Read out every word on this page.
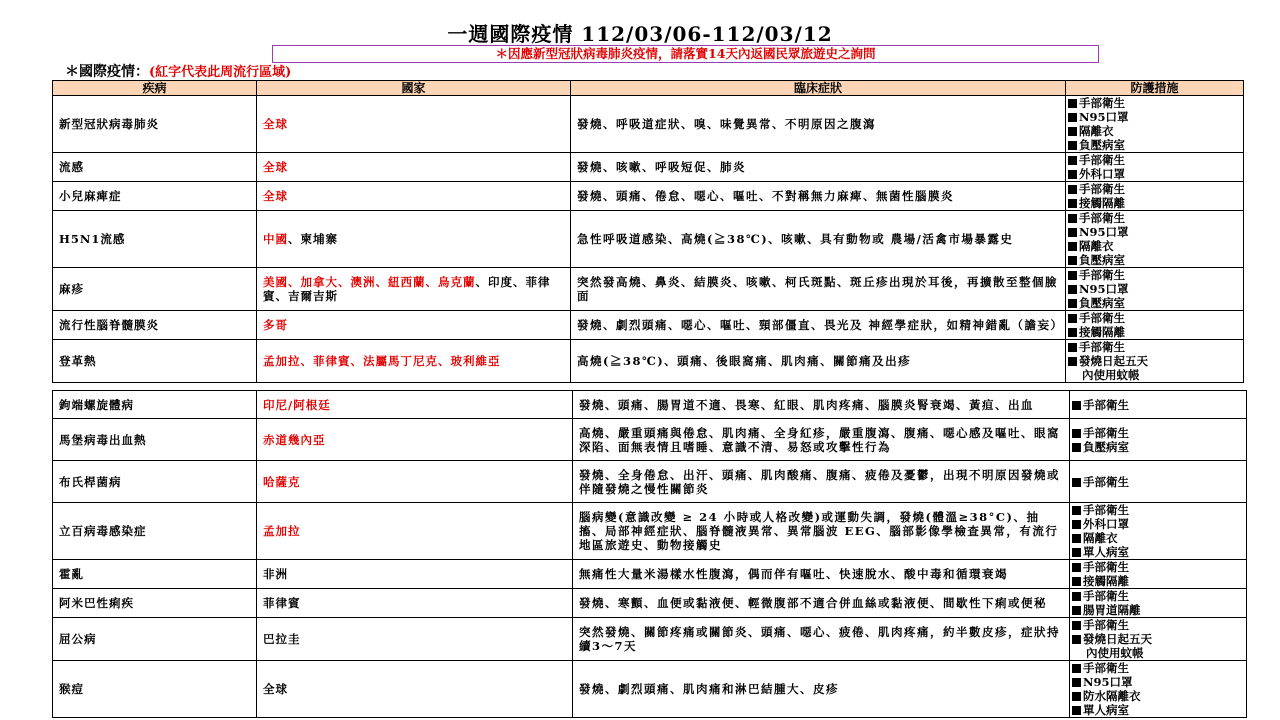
一週國際疫情 112/03/06-112/03/12
＊因應新型冠狀病毒肺炎疫情，請落實14天內返國民眾旅遊史之詢問
＊國際疫情：(紅字代表此周流行區域)
疾病	國家	臨床症狀	防護措施
新型冠狀病毒肺炎	全球	發燒、呼吸道症狀、嗅、味覺異常、不明原因之腹瀉	手部衛生
N95口罩
隔離衣
負壓病室

流感	全球	發燒、咳嗽、呼吸短促、肺炎	手部衛生
外科口罩

小兒麻痺症	全球	發燒、頭痛、倦怠、噁心、嘔吐、不對稱無力麻痺、無菌性腦膜炎	手部衛生
接觸隔離

H5N1流感	中國、柬埔寨	急性呼吸道感染、高燒(≧38℃)、咳嗽、具有動物或 農場/活禽市場暴露史	手部衛生
N95口罩
隔離衣
負壓病室

麻疹	美國、加拿大、澳洲、紐西蘭、烏克蘭、印度、菲律賓、吉爾吉斯	突然發高燒、鼻炎、結膜炎、咳嗽、柯氏斑點、斑丘疹出現於耳後，再擴散至整個臉面	手部衛生
N95口罩
負壓病室

流行性腦脊髓膜炎	多哥	發燒、劇烈頭痛、噁心、嘔吐、頸部僵直、畏光及 神經學症狀，如精神錯亂（譫妄）	手部衛生
接觸隔離

登革熱	孟加拉、菲律賓、法屬馬丁尼克、玻利維亞	高燒(≧38℃)、頭痛、後眼窩痛、肌肉痛、關節痛及出疹	手部衛生
發燒日起五天
內使用蚊帳
鉤端螺旋體病	印尼/阿根廷	發燒、頭痛、腸胃道不適、畏寒、紅眼、肌肉疼痛、腦膜炎腎衰竭、黃疸、出血	手部衛生

馬堡病毒出血熱	赤道幾內亞	高燒、嚴重頭痛與倦怠、肌肉痛、全身紅疹，嚴重腹瀉、腹痛、噁心感及嘔吐、眼窩深陷、面無表情且嗜睡、意識不清、易怒或攻擊性行為	手部衛生
負壓病室

布氏桿菌病	哈薩克	發燒、全身倦怠、出汗、頭痛、肌肉酸痛、腹痛、疲倦及憂鬱，出現不明原因發燒或伴隨發燒之慢性關節炎	手部衛生

立百病毒感染症	孟加拉	腦病變(意識改變 ≥ 24 小時或人格改變)或運動失調，發燒(體溫≥38°C)、抽搐、局部神經症狀、腦脊髓液異常、異常腦波 EEG、腦部影像學檢查異常，有流行地區旅遊史、動物接觸史	手部衛生
外科口罩
隔離衣
單人病室

霍亂	非洲	無痛性大量米湯樣水性腹瀉，偶而伴有嘔吐、快速脫水、酸中毒和循環衰竭	手部衛生
接觸隔離

阿米巴性痢疾	菲律賓	發燒、寒顫、血便或黏液便、輕微腹部不適合併血絲或黏液便、間歇性下痢或便秘	手部衛生
腸胃道隔離

屈公病	巴拉圭	突然發燒、關節疼痛或關節炎、頭痛、噁心、疲倦、肌肉疼痛，約半數皮疹，症狀持續3～7天	手部衛生
發燒日起五天
內使用蚊帳

猴痘	全球	發燒、劇烈頭痛、肌肉痛和淋巴結腫大、皮疹	手部衛生
N95口罩
防水隔離衣
單人病室
